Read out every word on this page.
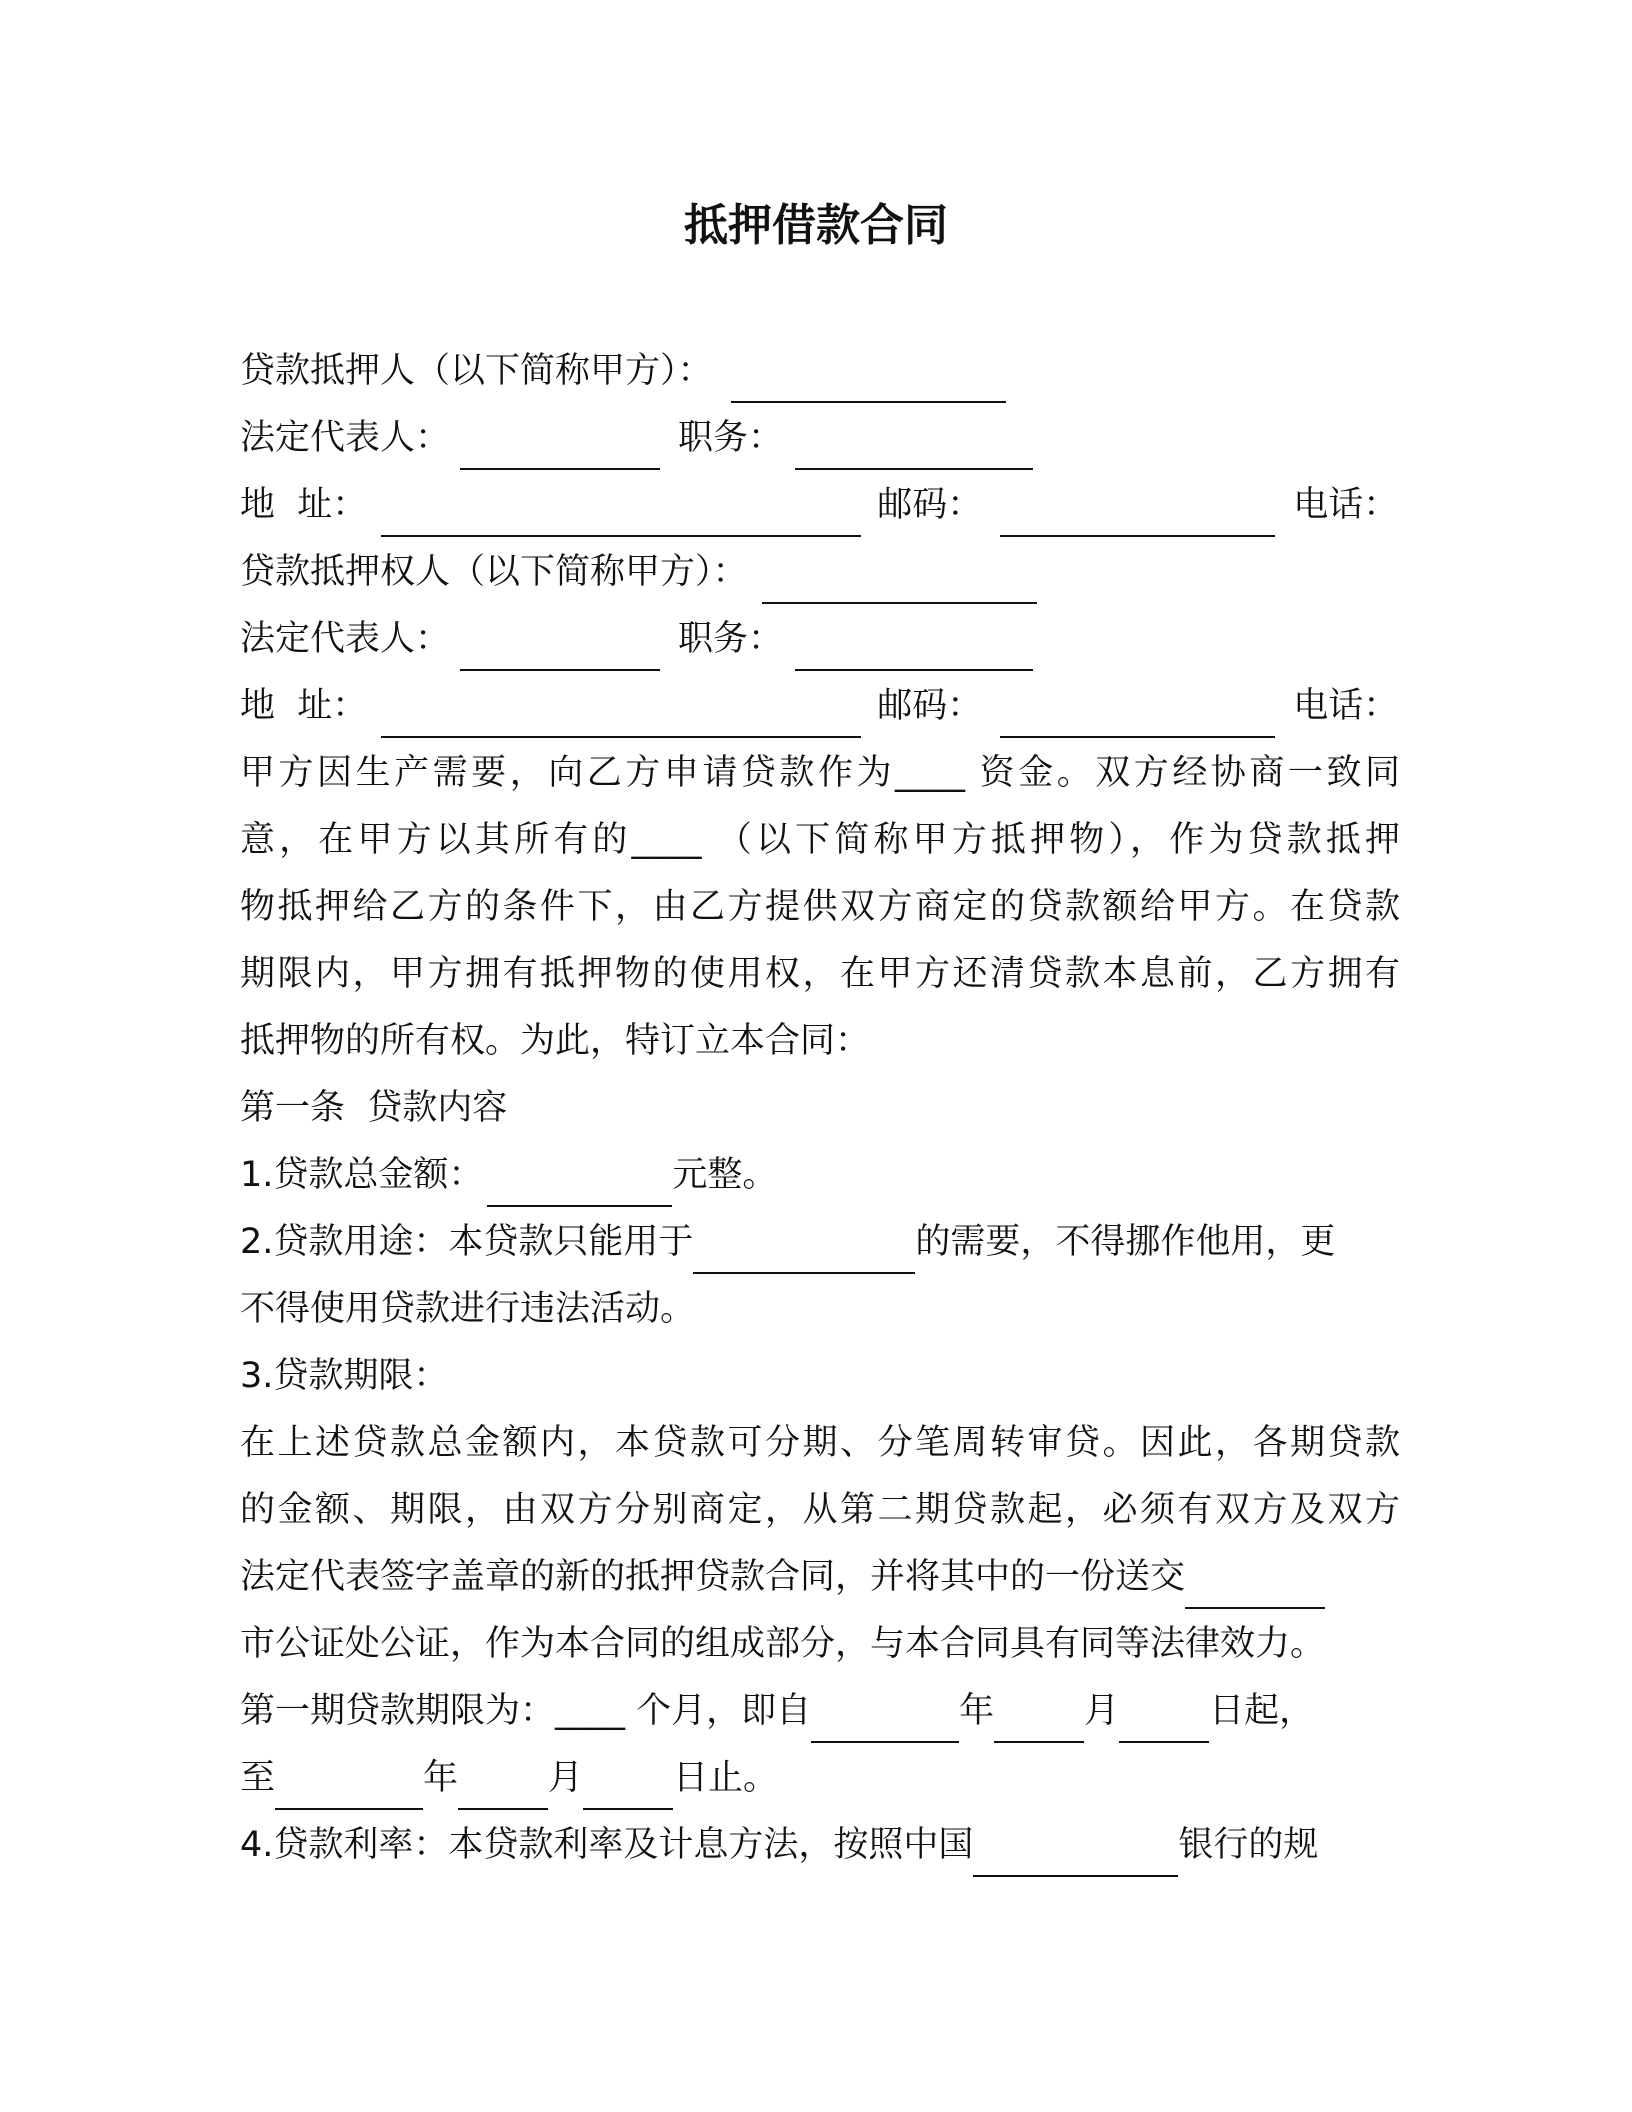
抵押借款合同
贷款抵押人（以下简称甲方）：
法定代表人：	职务：
地  址：	邮码：	电话：
贷款抵押权人（以下简称甲方）：
法定代表人：	职务：
地  址：	邮码：	电话：
甲方因生产需要，向乙方申请贷款作为____ 资金。双方经协商一致同
意，在甲方以其所有的____ （以下简称甲方抵押物），作为贷款抵押
物抵押给乙方的条件下，由乙方提供双方商定的贷款额给甲方。在贷款
期限内，甲方拥有抵押物的使用权，在甲方还清贷款本息前，乙方拥有
抵押物的所有权。为此，特订立本合同：
第一条  贷款内容
1.贷款总金额：	元整。
2.贷款用途：本贷款只能用于	的需要，不得挪作他用，更
不得使用贷款进行违法活动。
3.贷款期限：
在上述贷款总金额内，本贷款可分期、分笔周转审贷。因此，各期贷款
的金额、期限，由双方分别商定，从第二期贷款起，必须有双方及双方
法定代表签字盖章的新的抵押贷款合同，并将其中的一份送交
市公证处公证，作为本合同的组成部分，与本合同具有同等法律效力。
第一期贷款期限为：____ 个月，即自	年	月	日起，
至	年	月	日止。
4.贷款利率：本贷款利率及计息方法，按照中国	银行的规
